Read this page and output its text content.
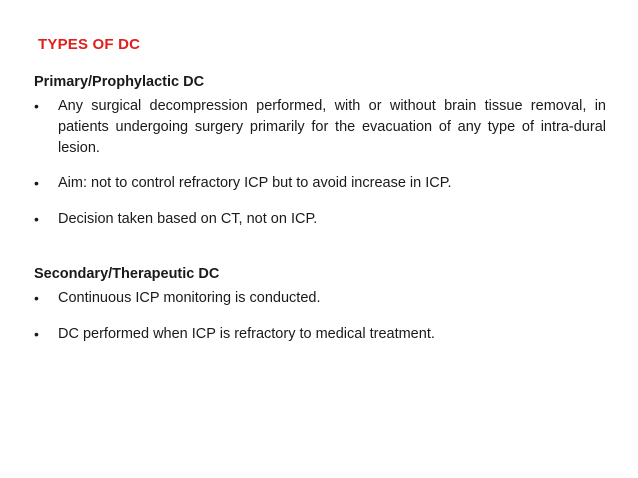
TYPES OF DC
Primary/Prophylactic DC
•	Any surgical decompression performed, with or without brain tissue removal, in patients undergoing surgery primarily for the evacuation of any type of intra-dural lesion.
•	Aim: not to control refractory ICP but to avoid increase in ICP.
•	Decision taken based on CT, not on ICP.
Secondary/Therapeutic DC
•	Continuous ICP monitoring is conducted.
•	DC performed when ICP is refractory to medical treatment.
